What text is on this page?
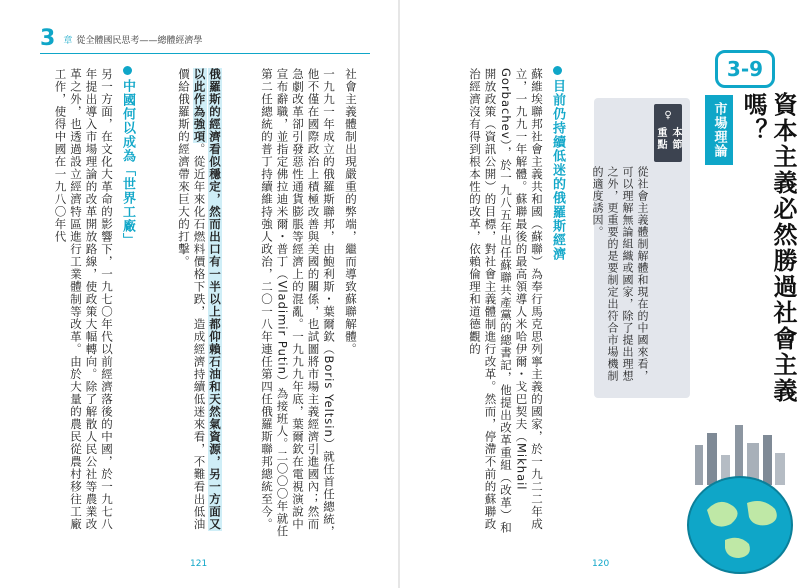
3 章 從全體國民思考——總體經濟學
社會主義體制出現嚴重的弊端，繼而導致蘇聯解體。
一九九一年成立的俄羅斯聯邦，由鮑利斯・葉爾欽（Boris Yeltsin）就任首任總統，他不僅在國際政治上積極改善與美國的關係，也試圖將市場主義經濟引進國內；然而急劇改革卻引發惡性通貨膨脹等經濟上的混亂。一九九九年底，葉爾欽在電視演說中宣布辭職，並指定佛拉迪米爾・普丁（Vladimir Putin）為接班人。二〇〇〇年就任第二任總統的普丁持續維持強人政治，二〇一八年連任第四任俄羅斯聯邦總統至今。
俄羅斯的經濟看似穩定，然而出口有一半以上都仰賴石油和天然氣資源，另一方面又以此作為強項。從近年來化石燃料價格下跌，造成經濟持續低迷來看，不難看出低油價給俄羅斯的經濟帶來巨大的打擊。
中國何以成為「世界工廠」
另一方面，在文化大革命的影響下，一九七〇年代以前經濟落後的中國，於一九七八年提出導入市場理論的改革開放路線，使政策大幅轉向。除了解散人民公社等農業改革之外，也透過設立經濟特區進行工業體制等改革。由於大量的農民從農村移往工廠工作，使得中國在一九八〇年代
121
3-9
市場理論	資本主義必然勝過社會主義嗎？
♀
本節重點
從社會主義體制解體和現在的中國來看，可以理解無論組織或國家，除了提出理想之外，更重要的是要制定出符合市場機制的適度誘因。
目前仍持續低迷的俄羅斯經濟
蘇維埃聯邦社會主義共和國（蘇聯）為奉行馬克思列寧主義的國家，於一九二二年成立，一九九一年解體。蘇聯最後的最高領導人米哈伊爾・戈巴契夫（Mikhail Gorbachev），於一九八五年出任蘇聯共產黨的總書記，他提出改革重組（改革）和開放政策（資訊公開）的目標，對社會主義體制進行改革。然而，停滯不前的蘇聯政治經濟沒有得到根本性的改革，依賴倫理和道德觀的
120
